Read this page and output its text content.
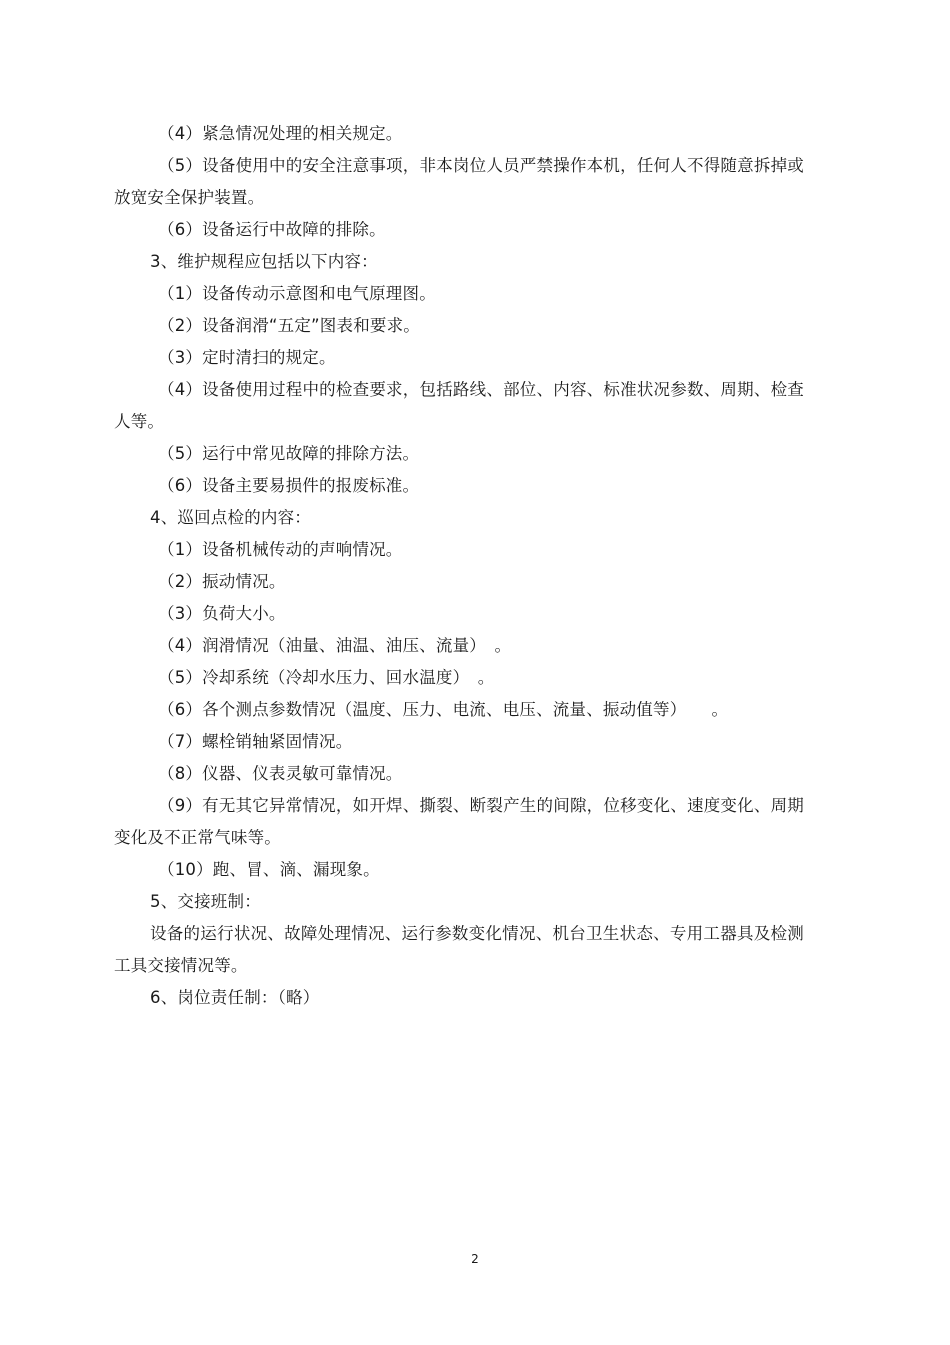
（4）紧急情况处理的相关规定。

（5）设备使用中的安全注意事项，非本岗位人员严禁操作本机，任何人不得随意拆掉或放宽安全保护装置。

（6）设备运行中故障的排除。

3、维护规程应包括以下内容：

（1）设备传动示意图和电气原理图。

（2）设备润滑“五定”图表和要求。

（3）定时清扫的规定。

（4）设备使用过程中的检查要求，包括路线、部位、内容、标准状况参数、周期、检查人等。

（5）运行中常见故障的排除方法。

（6）设备主要易损件的报废标准。

4、巡回点检的内容：

（1）设备机械传动的声响情况。

（2）振动情况。

（3）负荷大小。

（4）润滑情况（油量、油温、油压、流量）　。

（5）冷却系统（冷却水压力、回水温度）　。

（6）各个测点参数情况（温度、压力、电流、电压、流量、振动值等）　　。

（7）螺栓销轴紧固情况。

（8）仪器、仪表灵敏可靠情况。

（9）有无其它异常情况，如开焊、撕裂、断裂产生的间隙，位移变化、速度变化、周期变化及不正常气味等。

（10）跑、冒、滴、漏现象。

5、交接班制：

设备的运行状况、故障处理情况、运行参数变化情况、机台卫生状态、专用工器具及检测工具交接情况等。

6、岗位责任制：（略）

2
